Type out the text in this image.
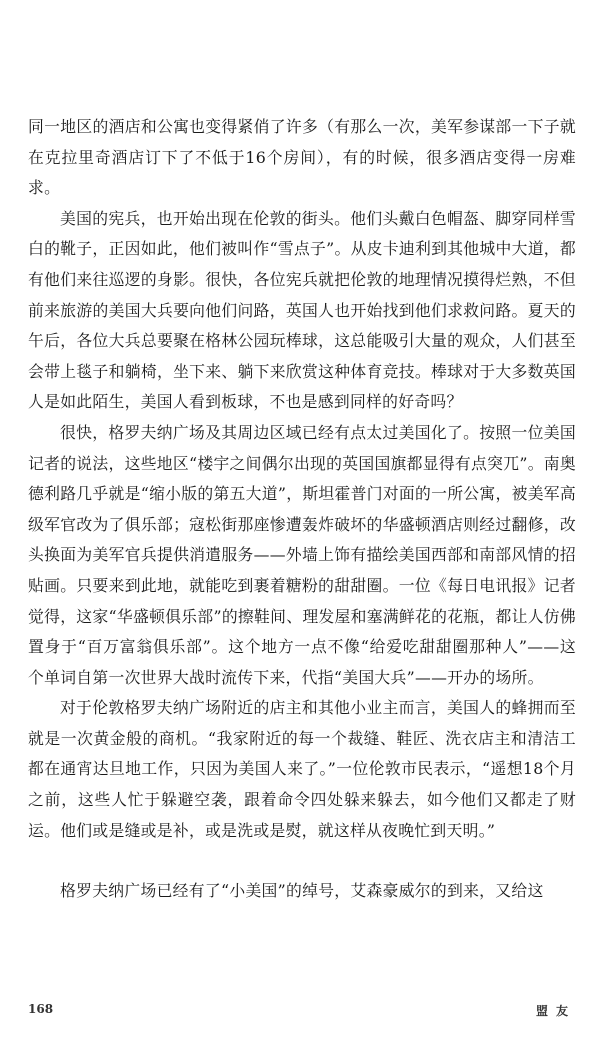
同一地区的酒店和公寓也变得紧俏了许多（有那么一次，美军参谋部一下子就在克拉里奇酒店订下了不低于16个房间），有的时候，很多酒店变得一房难求。

美国的宪兵，也开始出现在伦敦的街头。他们头戴白色帽盔、脚穿同样雪白的靴子，正因如此，他们被叫作“雪点子”。从皮卡迪利到其他城中大道，都有他们来往巡逻的身影。很快，各位宪兵就把伦敦的地理情况摸得烂熟，不但前来旅游的美国大兵要向他们问路，英国人也开始找到他们求救问路。夏天的午后，各位大兵总要聚在格林公园玩棒球，这总能吸引大量的观众，人们甚至会带上毯子和躺椅，坐下来、躺下来欣赏这种体育竞技。棒球对于大多数英国人是如此陌生，美国人看到板球，不也是感到同样的好奇吗？

很快，格罗夫纳广场及其周边区域已经有点太过美国化了。按照一位美国记者的说法，这些地区“楼宇之间偶尔出现的英国国旗都显得有点突兀”。南奥德利路几乎就是“缩小版的第五大道”，斯坦霍普门对面的一所公寓，被美军高级军官改为了俱乐部；寇松街那座惨遭轰炸破坏的华盛顿酒店则经过翻修，改头换面为美军官兵提供消遣服务——外墙上饰有描绘美国西部和南部风情的招贴画。只要来到此地，就能吃到裹着糖粉的甜甜圈。一位《每日电讯报》记者觉得，这家“华盛顿俱乐部”的擦鞋间、理发屋和塞满鲜花的花瓶，都让人仿佛置身于“百万富翁俱乐部”。这个地方一点不像“给爱吃甜甜圈那种人”——这个单词自第一次世界大战时流传下来，代指“美国大兵”——开办的场所。

对于伦敦格罗夫纳广场附近的店主和其他小业主而言，美国人的蜂拥而至就是一次黄金般的商机。“我家附近的每一个裁缝、鞋匠、洗衣店主和清洁工都在通宵达旦地工作，只因为美国人来了。”一位伦敦市民表示，“遥想18个月之前，这些人忙于躲避空袭，跟着命令四处躲来躲去，如今他们又都走了财运。他们或是缝或是补，或是洗或是熨，就这样从夜晚忙到天明。”

格罗夫纳广场已经有了“小美国”的绰号，艾森豪威尔的到来，又给这

168	盟友
